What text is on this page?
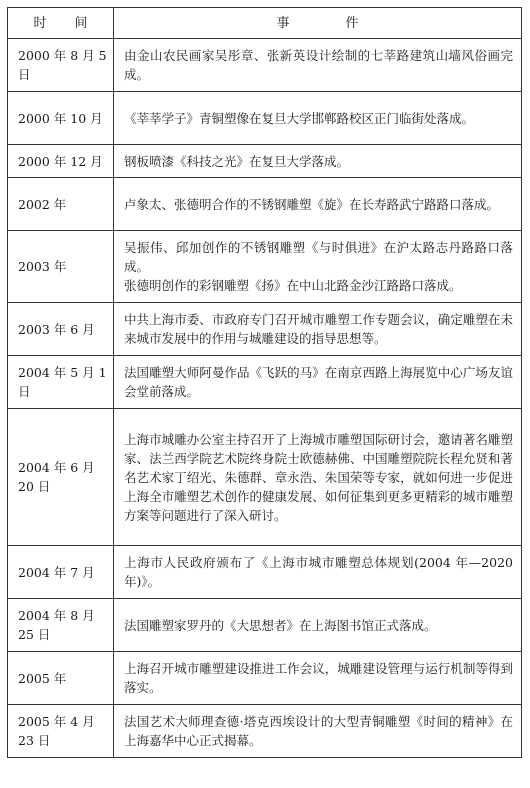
时 间	事 件
2000 年 8 月 5 日	由金山农民画家吴彤章、张新英设计绘制的七莘路建筑山墙风俗画完成。

2000 年 10 月	《莘莘学子》青铜塑像在复旦大学邯郸路校区正门临街处落成。

2000 年 12 月	钢板喷漆《科技之光》在复旦大学落成。

2002 年	卢象太、张德明合作的不锈钢雕塑《旋》在长寿路武宁路路口落成。

2003 年	吴振伟、邱加创作的不锈钢雕塑《与时俱进》在沪太路志丹路路口落成。
张德明创作的彩钢雕塑《扬》在中山北路金沙江路路口落成。

2003 年 6 月	中共上海市委、市政府专门召开城市雕塑工作专题会议，确定雕塑在未来城市发展中的作用与城雕建设的指导思想等。

2004 年 5 月 1 日	法国雕塑大师阿曼作品《飞跃的马》在南京西路上海展览中心广场友谊会堂前落成。

2004 年 6 月 20 日	上海市城雕办公室主持召开了上海城市雕塑国际研讨会，邀请著名雕塑家、法兰西学院艺术院终身院士欧德赫佛、中国雕塑院院长程允贤和著名艺术家丁绍光、朱德群、章永浩、朱国荣等专家，就如何进一步促进上海全市雕塑艺术创作的健康发展、如何征集到更多更精彩的城市雕塑方案等问题进行了深入研讨。

2004 年 7 月	上海市人民政府颁布了《上海市城市雕塑总体规划(2004 年—2020 年)》。

2004 年 8 月 25 日	法国雕塑家罗丹的《大思想者》在上海图书馆正式落成。

2005 年	上海召开城市雕塑建设推进工作会议，城雕建设管理与运行机制等得到落实。

2005 年 4 月 23 日	法国艺术大师理查德·塔克西埃设计的大型青铜雕塑《时间的精神》在上海嘉华中心正式揭幕。
